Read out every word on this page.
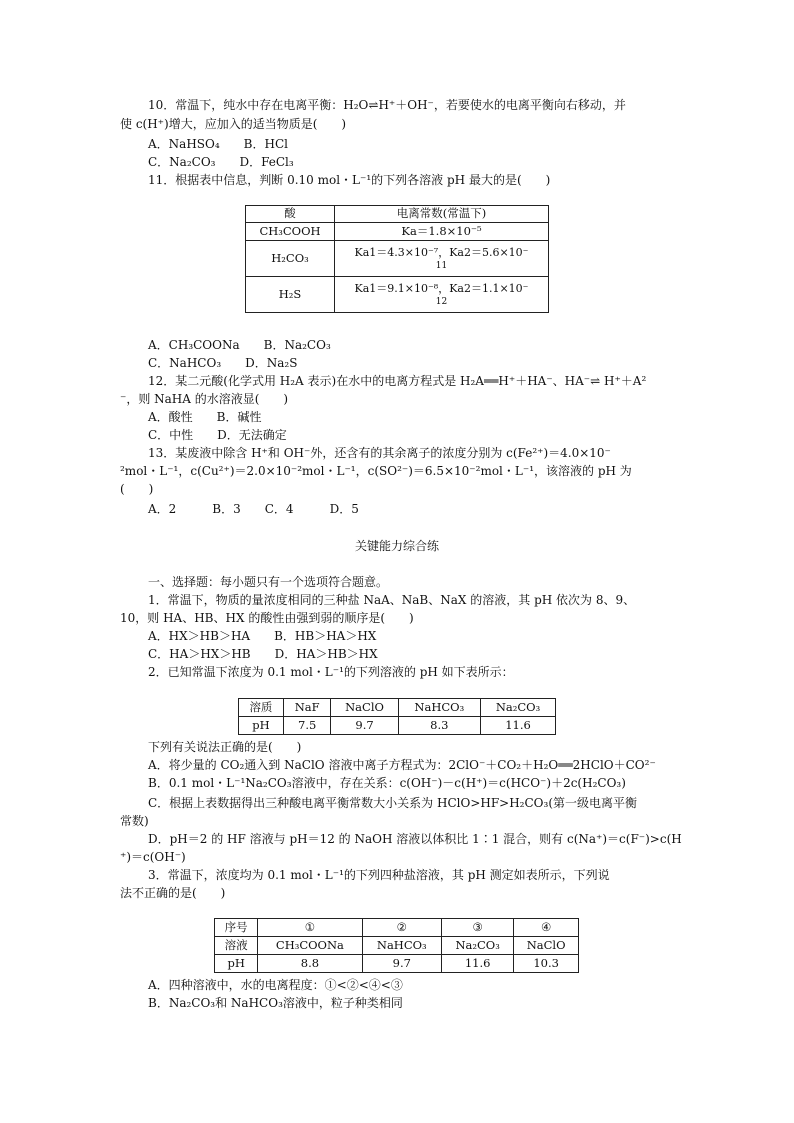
10．常温下，纯水中存在电离平衡：H₂O⇌H⁺＋OH⁻，若要使水的电离平衡向右移动，并
使 c(H⁺)增大，应加入的适当物质是(　　)
A．NaHSO₄　　B．HCl
C．Na₂CO₃　　D．FeCl₃
11．根据表中信息，判断 0.10 mol・L⁻¹的下列各溶液 pH 最大的是(　　)
酸	电离常数(常温下)
CH₃COOH	Ka＝1.8×10⁻⁵
H₂CO₃	Ka1＝4.3×10⁻⁷，Ka2＝5.6×10⁻
11

H₂S	Ka1＝9.1×10⁻⁸，Ka2＝1.1×10⁻
12
A．CH₃COONa　　B．Na₂CO₃
C．NaHCO₃　　D．Na₂S
12．某二元酸(化学式用 H₂A 表示)在水中的电离方程式是 H₂A══H⁺＋HA⁻、HA⁻⇌ H⁺＋A²
⁻，则 NaHA 的水溶液显(　　)
A．酸性　　B．碱性
C．中性　　D．无法确定
13．某废液中除含 H⁺和 OH⁻外，还含有的其余离子的浓度分别为 c(Fe²⁺)＝4.0×10⁻
²mol・L⁻¹，c(Cu²⁺)＝2.0×10⁻²mol・L⁻¹，c(SO²⁻)＝6.5×10⁻²mol・L⁻¹，该溶液的 pH 为
(　　)
A．2　　　B．3　　C．4　　　D．5
关键能力综合练
一、选择题：每小题只有一个选项符合题意。
1．常温下，物质的量浓度相同的三种盐 NaA、NaB、NaX 的溶液，其 pH 依次为 8、9、
10，则 HA、HB、HX 的酸性由强到弱的顺序是(　　)
A．HX＞HB＞HA　　B．HB＞HA＞HX
C．HA＞HX＞HB　　D．HA＞HB＞HX
2．已知常温下浓度为 0.1 mol・L⁻¹的下列溶液的 pH 如下表所示：
溶质	NaF	NaClO	NaHCO₃	Na₂CO₃
pH	7.5	9.7	8.3	11.6
下列有关说法正确的是(　　)
A．将少量的 CO₂通入到 NaClO 溶液中离子方程式为：2ClO⁻＋CO₂＋H₂O══2HClO＋CO²⁻
B．0.1 mol・L⁻¹Na₂CO₃溶液中，存在关系：c(OH⁻)－c(H⁺)＝c(HCO⁻)＋2c(H₂CO₃)
C．根据上表数据得出三种酸电离平衡常数大小关系为 HClO>HF>H₂CO₃(第一级电离平衡
常数)
D．pH＝2 的 HF 溶液与 pH＝12 的 NaOH 溶液以体积比 1∶1 混合，则有 c(Na⁺)＝c(F⁻)>c(H
⁺)＝c(OH⁻)
3．常温下，浓度均为 0.1 mol・L⁻¹的下列四种盐溶液，其 pH 测定如表所示，下列说
法不正确的是(　　)
序号	①	②	③	④
溶液	CH₃COONa	NaHCO₃	Na₂CO₃	NaClO
pH	8.8	9.7	11.6	10.3
A．四种溶液中，水的电离程度：①<②<④<③
B．Na₂CO₃和 NaHCO₃溶液中，粒子种类相同
